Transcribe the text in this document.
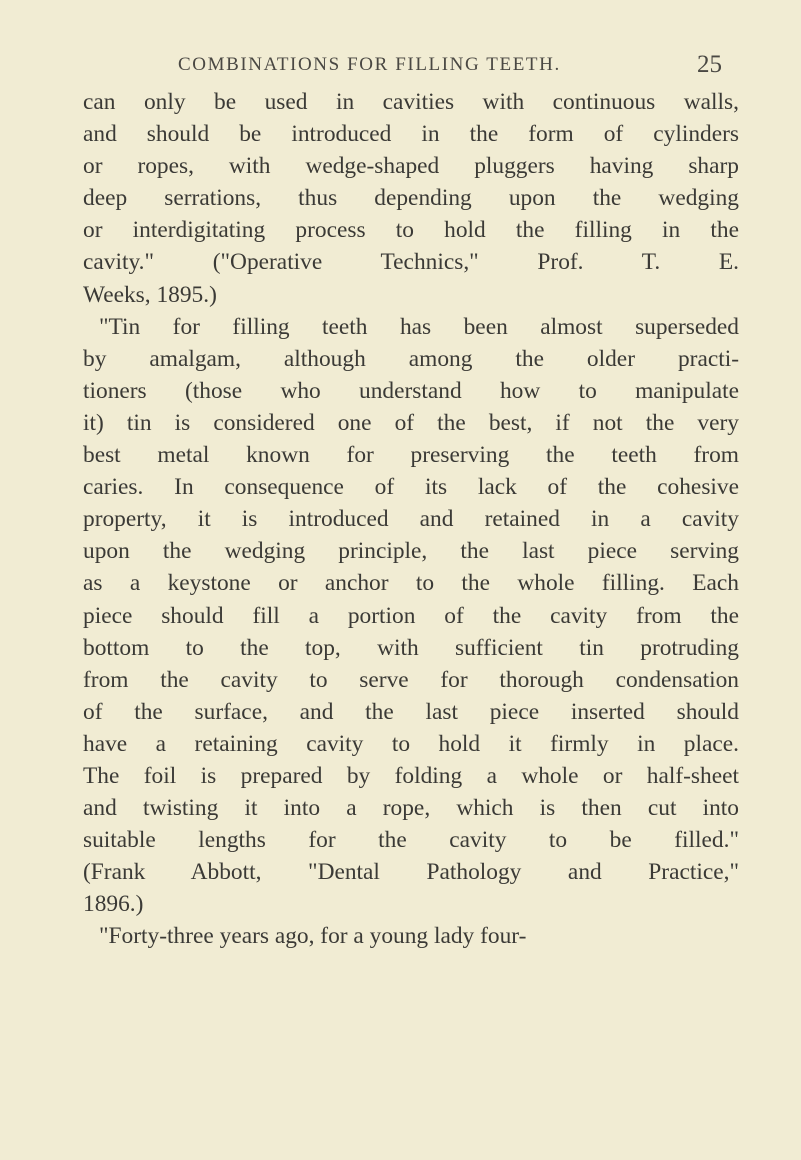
COMBINATIONS FOR FILLING TEETH.	25
can only be used in cavities with continuous walls,
and should be introduced in the form of cylinders
or ropes, with wedge-shaped pluggers having sharp
deep serrations, thus depending upon the wedging
or interdigitating process to hold the filling in the
cavity." ("Operative Technics," Prof. T. E.
Weeks, 1895.)
"Tin for filling teeth has been almost superseded
by amalgam, although among the older practi-
tioners (those who understand how to manipulate
it) tin is considered one of the best, if not the very
best metal known for preserving the teeth from
caries. In consequence of its lack of the cohesive
property, it is introduced and retained in a cavity
upon the wedging principle, the last piece serving
as a keystone or anchor to the whole filling. Each
piece should fill a portion of the cavity from the
bottom to the top, with sufficient tin protruding
from the cavity to serve for thorough condensation
of the surface, and the last piece inserted should
have a retaining cavity to hold it firmly in place.
The foil is prepared by folding a whole or half-sheet
and twisting it into a rope, which is then cut into
suitable lengths for the cavity to be filled."
(Frank Abbott, "Dental Pathology and Practice,"
1896.)
"Forty-three years ago, for a young lady four-
